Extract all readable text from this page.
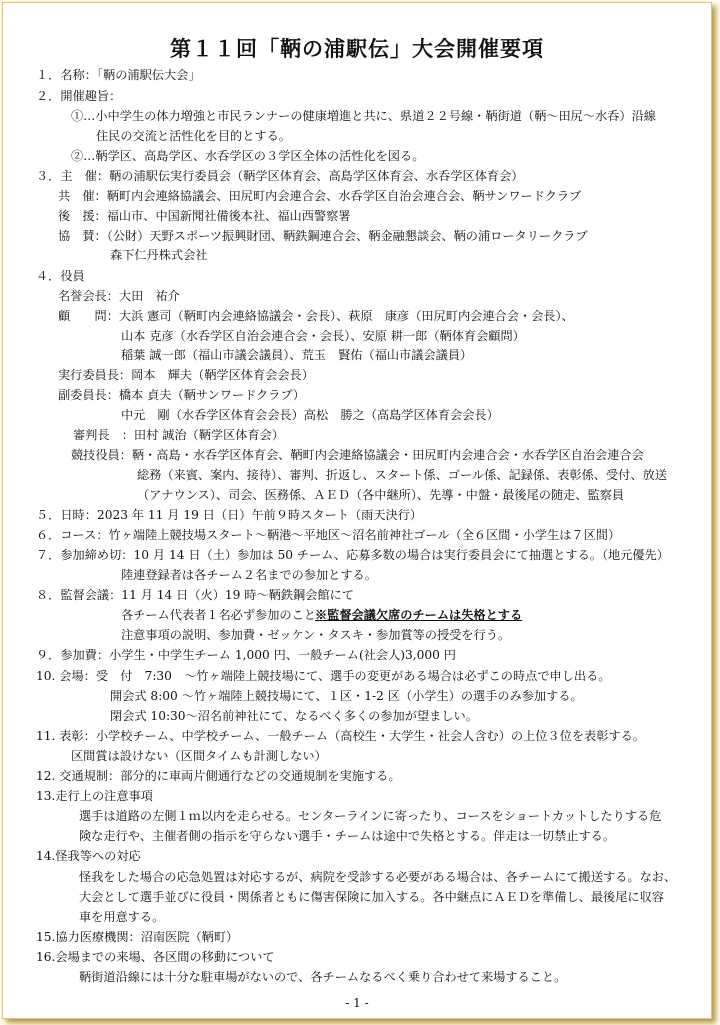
第１１回「鞆の浦駅伝」大会開催要項
１．名称：「鞆の浦駅伝大会」
２．開催趣旨：
①…小中学生の体力増強と市民ランナーの健康増進と共に、県道２２号線・鞆街道（鞆～田尻～水呑）沿線
住民の交流と活性化を目的とする。
②…鞆学区、高島学区、水呑学区の３学区全体の活性化を図る。
３．主　催：鞆の浦駅伝実行委員会（鞆学区体育会、高島学区体育会、水呑学区体育会）
共　催：鞆町内会連絡協議会、田尻町内会連合会、水呑学区自治会連合会、鞆サンワードクラブ
後　援：福山市、中国新聞社備後本社、福山西警察署
協　賛：（公財）天野スポーツ振興財団、鞆鉄鋼連合会、鞆金融懇談会、鞆の浦ロータリークラブ
森下仁丹株式会社
４．役員
名誉会長：大田　祐介
顧　　問：大浜 憲司（鞆町内会連絡協議会・会長）、萩原　康彦（田尻町内会連合会・会長）、
山本 克彦（水呑学区自治会連合会・会長）、安原 耕一郎（鞆体育会顧問）
稲葉 誠一郎（福山市議会議員）、荒玉　賢佑（福山市議会議員）
実行委員長：岡本　輝夫（鞆学区体育会会長）
副委員長：橋本 貞夫（鞆サンワードクラブ）
中元　剛（水呑学区体育会会長）高松　勝之（高島学区体育会会長）
審判長　：田村 誠治（鞆学区体育会）
競技役員：鞆・高島・水呑学区体育会、鞆町内会連絡協議会・田尻町内会連合会・水呑学区自治会連合会
総務（来賓、案内、接待）、審判、折返し、スタート係、ゴール係、記録係、表彰係、受付、放送
（アナウンス）、司会、医務係、ＡＥＤ（各中継所）、先導・中盤・最後尾の随走、監察員
５．日時：2023 年 11 月 19 日（日）午前９時スタート（雨天決行）
６．コース：竹ヶ端陸上競技場スタート～鞆港～平地区～沼名前神社ゴール（全６区間・小学生は７区間）
７．参加締め切：10 月 14 日（土）参加は 50 チーム、応募多数の場合は実行委員会にて抽選とする。（地元優先）
陸連登録者は各チーム２名までの参加とする。
８．監督会議：11 月 14 日（火）19 時～鞆鉄鋼会館にて
各チーム代表者１名必ず参加のこと　
※監督会議欠席のチームは失格とする
注意事項の説明、参加費・ゼッケン・タスキ・参加賞等の授受を行う。
９．参加費：小学生・中学生チーム 1,000 円、一般チーム(社会人)3,000 円
10. 会場：受　付　7:30　～竹ヶ端陸上競技場にて、選手の変更がある場合は必ずこの時点で申し出る。
開会式 8:00 ～竹ヶ端陸上競技場にて、１区・1-2 区（小学生）の選手のみ参加する。
閉会式 10:30～沼名前神社にて、なるべく多くの参加が望ましい。
11. 表彰：小学校チーム、中学校チーム、一般チーム（高校生・大学生・社会人含む）の上位３位を表彰する。
区間賞は設けない（区間タイムも計測しない）
12. 交通規制：部分的に車両片側通行などの交通規制を実施する。
13.走行上の注意事項
選手は道路の左側１ｍ以内を走らせる。センターラインに寄ったり、コースをショートカットしたりする危
険な走行や、主催者側の指示を守らない選手・チームは途中で失格とする。伴走は一切禁止する。
14.怪我等への対応
怪我をした場合の応急処置は対応するが、病院を受診する必要がある場合は、各チームにて搬送する。なお、
大会として選手並びに役員・関係者ともに傷害保険に加入する。各中継点にＡＥＤを準備し、最後尾に収容
車を用意する。
15.協力医療機関：沼南医院（鞆町）
16.会場までの来場、各区間の移動について
鞆街道沿線には十分な駐車場がないので、各チームなるべく乗り合わせて来場すること。
- 1 -
